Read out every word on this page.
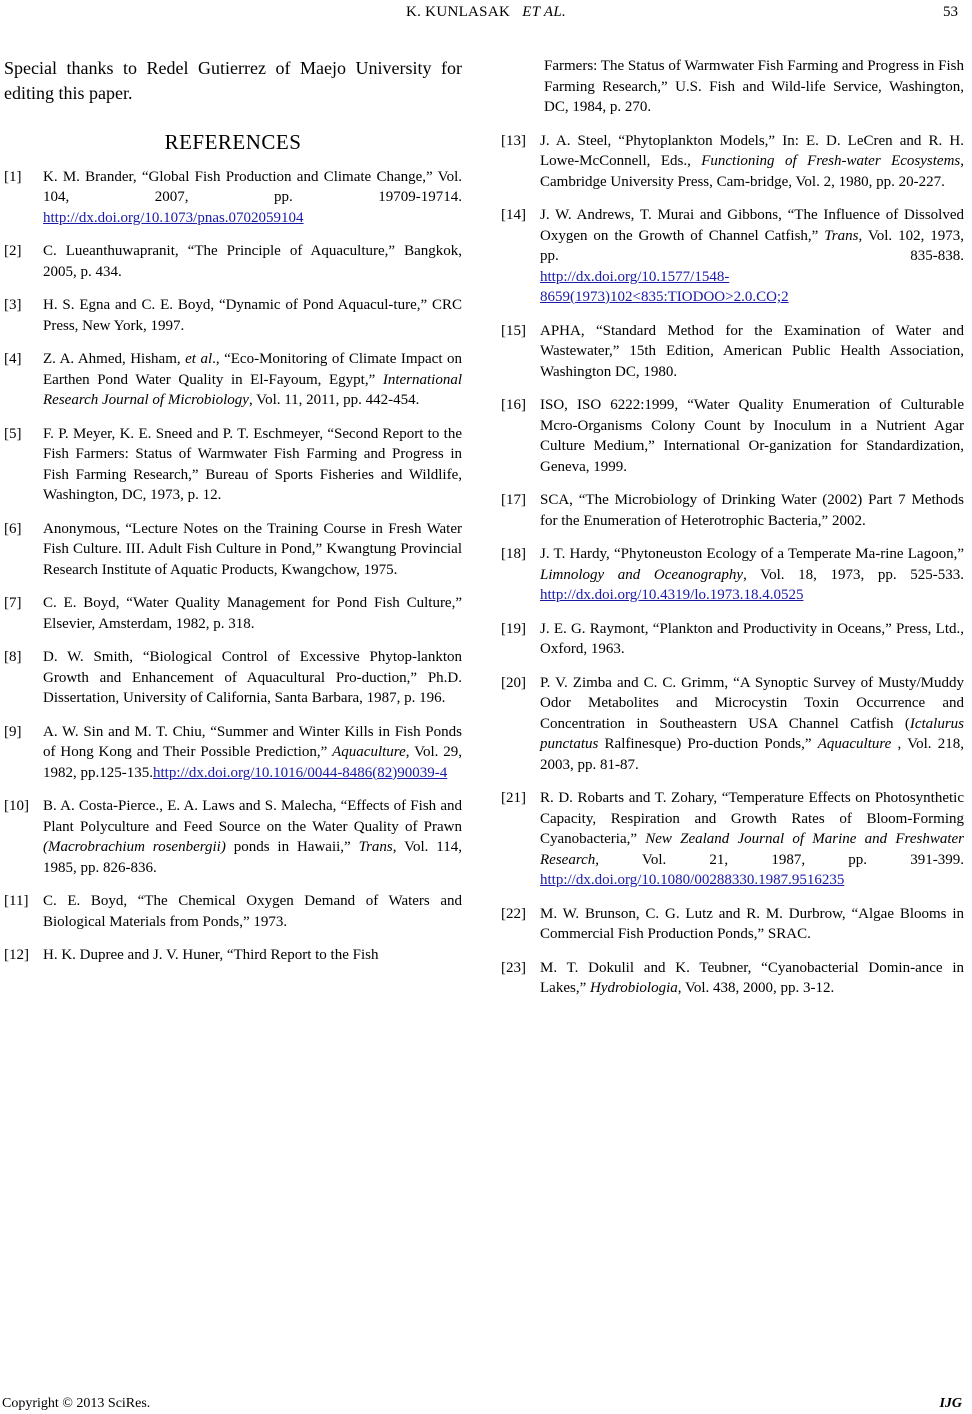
K. KUNLASAK ET AL.	53

Special thanks to Redel Gutierrez of Maejo University for editing this paper.

REFERENCES

[1] K. M. Brander, “Global Fish Production and Climate Change,” Vol. 104, 2007, pp. 19709-19714.http://dx.doi.org/10.1073/pnas.0702059104

[2] C. Lueanthuwapranit, “The Principle of Aquaculture,” Bangkok, 2005, p. 434.

[3] H. S. Egna and C. E. Boyd, “Dynamic of Pond Aquacul-ture,” CRC Press, New York, 1997.

[4] Z. A. Ahmed, Hisham, et al., “Eco-Monitoring of Climate Impact on Earthen Pond Water Quality in El-Fayoum, Egypt,” International Research Journal of Microbiology, Vol. 11, 2011, pp. 442-454.

[5] F. P. Meyer, K. E. Sneed and P. T. Eschmeyer, “Second Report to the Fish Farmers: Status of Warmwater Fish Farming and Progress in Fish Farming Research,” Bureau of Sports Fisheries and Wildlife, Washington, DC, 1973, p. 12.

[6] Anonymous, “Lecture Notes on the Training Course in Fresh Water Fish Culture. III. Adult Fish Culture in Pond,” Kwangtung Provincial Research Institute of Aquatic Products, Kwangchow, 1975.

[7] C. E. Boyd, “Water Quality Management for Pond Fish Culture,” Elsevier, Amsterdam, 1982, p. 318.

[8] D. W. Smith, “Biological Control of Excessive Phytop-lankton Growth and Enhancement of Aquacultural Pro-duction,” Ph.D. Dissertation, University of California, Santa Barbara, 1987, p. 196.

[9] A. W. Sin and M. T. Chiu, “Summer and Winter Kills in Fish Ponds of Hong Kong and Their Possible Prediction,” Aquaculture, Vol. 29, 1982, pp.125-135.http://dx.doi.org/10.1016/0044-8486(82)90039-4

[10] B. A. Costa-Pierce., E. A. Laws and S. Malecha, “Effects of Fish and Plant Polyculture and Feed Source on the Water Quality of Prawn (Macrobrachium rosenbergii) ponds in Hawaii,” Trans, Vol. 114, 1985, pp. 826-836.

[11] C. E. Boyd, “The Chemical Oxygen Demand of Waters and Biological Materials from Ponds,” 1973.

[12] H. K. Dupree and J. V. Huner, “Third Report to the Fish

Farmers: The Status of Warmwater Fish Farming and Progress in Fish Farming Research,” U.S. Fish and Wild-life Service, Washington, DC, 1984, p. 270.

[13] J. A. Steel, “Phytoplankton Models,” In: E. D. LeCren and R. H. Lowe-McConnell, Eds., Functioning of Fresh-water Ecosystems, Cambridge University Press, Cam-bridge, Vol. 2, 1980, pp. 20-227.

[14] J. W. Andrews, T. Murai and Gibbons, “The Influence of Dissolved Oxygen on the Growth of Channel Catfish,” Trans, Vol. 102, 1973, pp. 835-838.http://dx.doi.org/10.1577/1548-8659(1973)102<835:TIODOO>2.0.CO;2

[15] APHA, “Standard Method for the Examination of Water and Wastewater,” 15th Edition, American Public Health Association, Washington DC, 1980.

[16] ISO, ISO 6222:1999, “Water Quality Enumeration of Culturable Mcro-Organisms Colony Count by Inoculum in a Nutrient Agar Culture Medium,” International Or-ganization for Standardization, Geneva, 1999.

[17] SCA, “The Microbiology of Drinking Water (2002) Part 7 Methods for the Enumeration of Heterotrophic Bacteria,” 2002.

[18] J. T. Hardy, “Phytoneuston Ecology of a Temperate Ma-rine Lagoon,” Limnology and Oceanography, Vol. 18, 1973, pp. 525-533.http://dx.doi.org/10.4319/lo.1973.18.4.0525

[19] J. E. G. Raymont, “Plankton and Productivity in Oceans,” Press, Ltd., Oxford, 1963.

[20] P. V. Zimba and C. C. Grimm, “A Synoptic Survey of Musty/Muddy Odor Metabolites and Microcystin Toxin Occurrence and Concentration in Southeastern USA Channel Catfish (Ictalurus punctatus Ralfinesque) Pro-duction Ponds,” Aquaculture , Vol. 218, 2003, pp. 81-87.

[21] R. D. Robarts and T. Zohary, “Temperature Effects on Photosynthetic Capacity, Respiration and Growth Rates of Bloom-Forming Cyanobacteria,” New Zealand Journal of Marine and Freshwater Research, Vol. 21, 1987, pp. 391-399.http://dx.doi.org/10.1080/00288330.1987.9516235

[22] M. W. Brunson, C. G. Lutz and R. M. Durbrow, “Algae Blooms in Commercial Fish Production Ponds,” SRAC.

[23] M. T. Dokulil and K. Teubner, “Cyanobacterial Domin-ance in Lakes,” Hydrobiologia, Vol. 438, 2000, pp. 3-12.

Copyright © 2013 SciRes.	IJG
